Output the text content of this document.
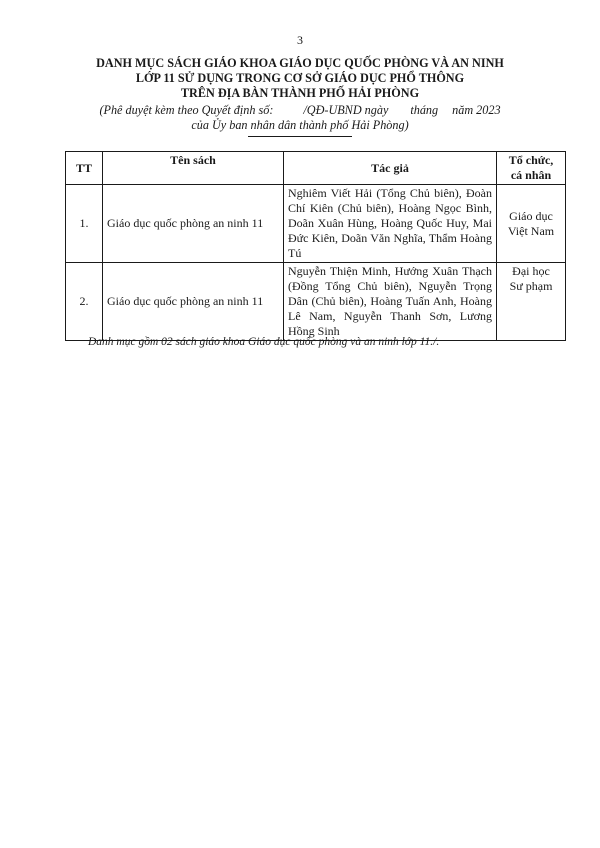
3
DANH MỤC SÁCH GIÁO KHOA GIÁO DỤC QUỐC PHÒNG VÀ AN NINH
LỚP 11 SỬ DỤNG TRONG CƠ SỞ GIÁO DỤC PHỔ THÔNG
TRÊN ĐỊA BÀN THÀNH PHỐ HẢI PHÒNG
(Phê duyệt kèm theo Quyết định số: /QĐ-UBND ngày tháng năm 2023
của Ủy ban nhân dân thành phố Hải Phòng)
TT	Tên sách	Tác giả	Tổ chức,
cá nhân

1.	Giáo dục quốc phòng an ninh 11	Nghiêm Viết Hải (Tổng Chủ biên), Đoàn Chí Kiên (Chủ biên), Hoàng Ngọc Bình, Doãn Xuân Hùng, Hoàng Quốc Huy, Mai Đức Kiên, Doãn Văn Nghĩa, Thẩm Hoàng Tú	Giáo dục
Việt Nam

2.	Giáo dục quốc phòng an ninh 11	Nguyễn Thiện Minh, Hướng Xuân Thạch (Đồng Tổng Chủ biên), Nguyễn Trọng Dân (Chủ biên), Hoàng Tuấn Anh, Hoàng Lê Nam, Nguyễn Thanh Sơn, Lương Hồng Sinh	Đại học
Sư phạm
Danh mục gồm 02 sách giáo khoa Giáo dục quốc phòng và an ninh lớp 11./.
